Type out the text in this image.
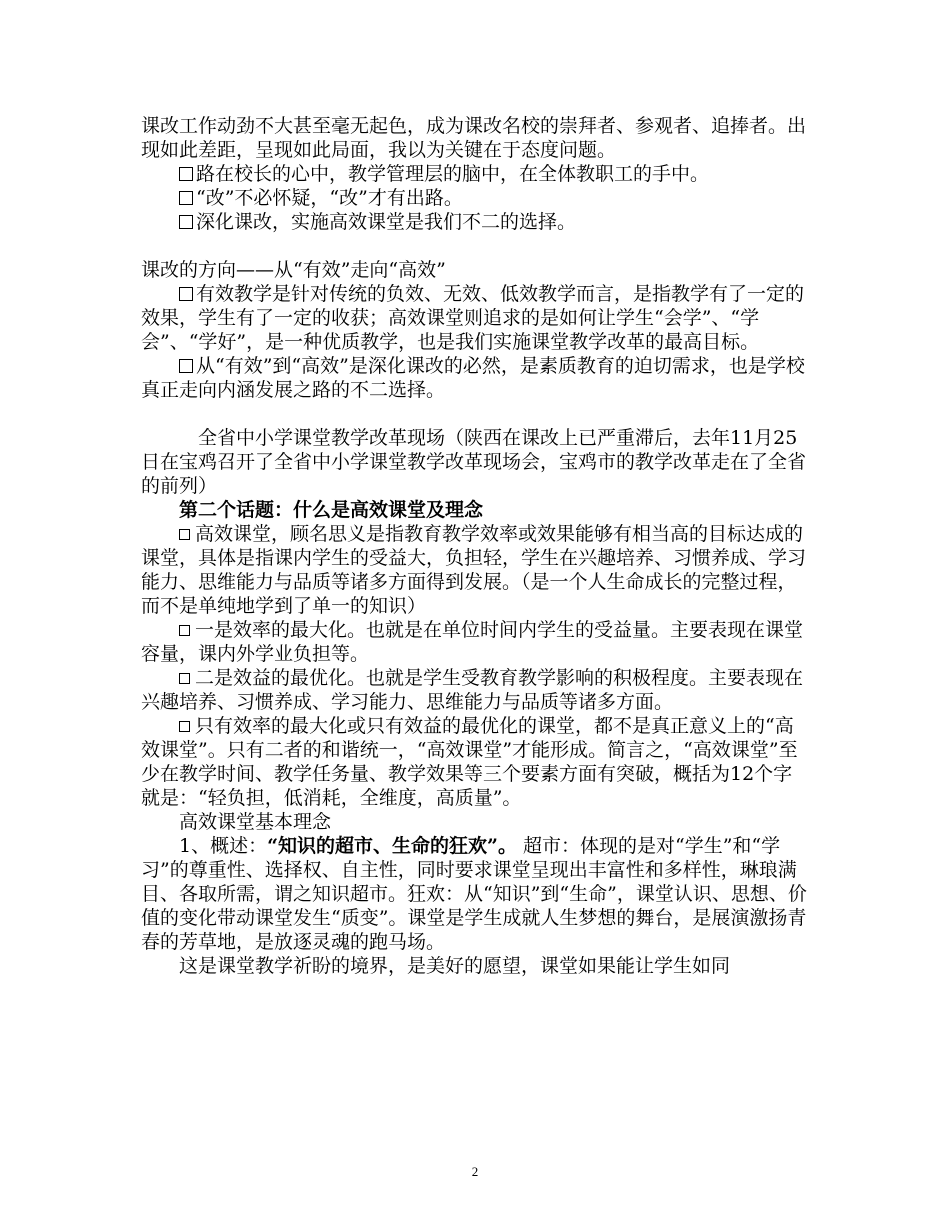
课改工作动劲不大甚至毫无起色，成为课改名校的崇拜者、参观者、追捧者。出现如此差距，呈现如此局面，我以为关键在于态度问题。

路在校长的心中，教学管理层的脑中，在全体教职工的手中。

“改”不必怀疑，“改”才有出路。

深化课改，实施高效课堂是我们不二的选择。

课改的方向——从“有效”走向“高效”

有效教学是针对传统的负效、无效、低效教学而言，是指教学有了一定的效果，学生有了一定的收获；高效课堂则追求的是如何让学生“会学”、“学会”、“学好”，是一种优质教学，也是我们实施课堂教学改革的最高目标。

从“有效”到“高效”是深化课改的必然，是素质教育的迫切需求，也是学校真正走向内涵发展之路的不二选择。

全省中小学课堂教学改革现场（陕西在课改上已严重滞后，去年11月25日在宝鸡召开了全省中小学课堂教学改革现场会，宝鸡市的教学改革走在了全省的前列）

第二个话题：什么是高效课堂及理念

高效课堂，顾名思义是指教育教学效率或效果能够有相当高的目标达成的课堂，具体是指课内学生的受益大，负担轻，学生在兴趣培养、习惯养成、学习能力、思维能力与品质等诸多方面得到发展。（是一个人生命成长的完整过程，而不是单纯地学到了单一的知识）

一是效率的最大化。也就是在单位时间内学生的受益量。主要表现在课堂容量，课内外学业负担等。

二是效益的最优化。也就是学生受教育教学影响的积极程度。主要表现在兴趣培养、习惯养成、学习能力、思维能力与品质等诸多方面。

只有效率的最大化或只有效益的最优化的课堂，都不是真正意义上的“高效课堂”。只有二者的和谐统一，“高效课堂”才能形成。简言之，“高效课堂”至少在教学时间、教学任务量、教学效果等三个要素方面有突破，概括为12个字就是：“轻负担，低消耗，全维度，高质量”。

高效课堂基本理念

1、概述：“知识的超市、生命的狂欢”。 超市：体现的是对“学生”和“学习”的尊重性、选择权、自主性，同时要求课堂呈现出丰富性和多样性，琳琅满目、各取所需，谓之知识超市。狂欢：从“知识”到“生命”，课堂认识、思想、价值的变化带动课堂发生“质变”。课堂是学生成就人生梦想的舞台，是展演激扬青春的芳草地，是放逐灵魂的跑马场。

这是课堂教学祈盼的境界，是美好的愿望，课堂如果能让学生如同

2
